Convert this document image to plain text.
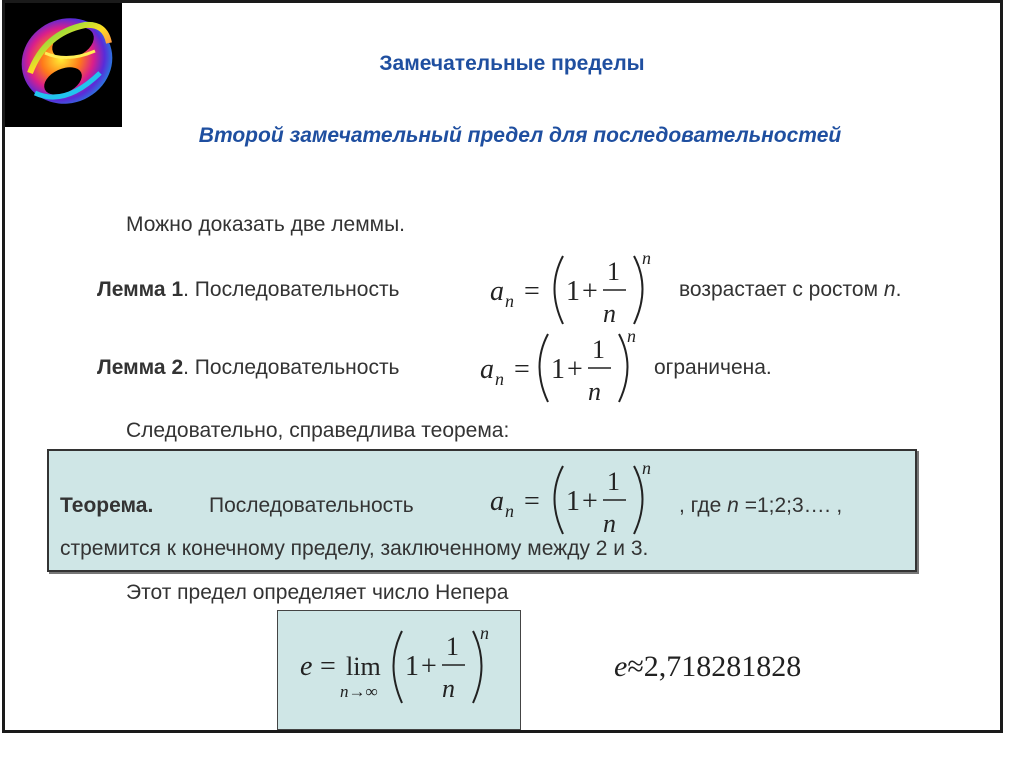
Замечательные пределы
Второй замечательный предел для последовательностей
Можно доказать две леммы.
Лемма 1. Последовательность	a n = 1 +
1
n
n
возрастает с ростом n.
Лемма 2. Последовательность	a n = 1 +
1
n
n
ограничена.
Следовательно, справедлива теорема:
Теорема.	Последовательность	a n = 1 +
1
n
n
, где n =1;2;3…. ,
стремится к конечному пределу, заключенному между 2 и 3.
Этот предел определяет число Непера
e = lim
n→∞
1 +
1
n
n
e≈2,718281828
